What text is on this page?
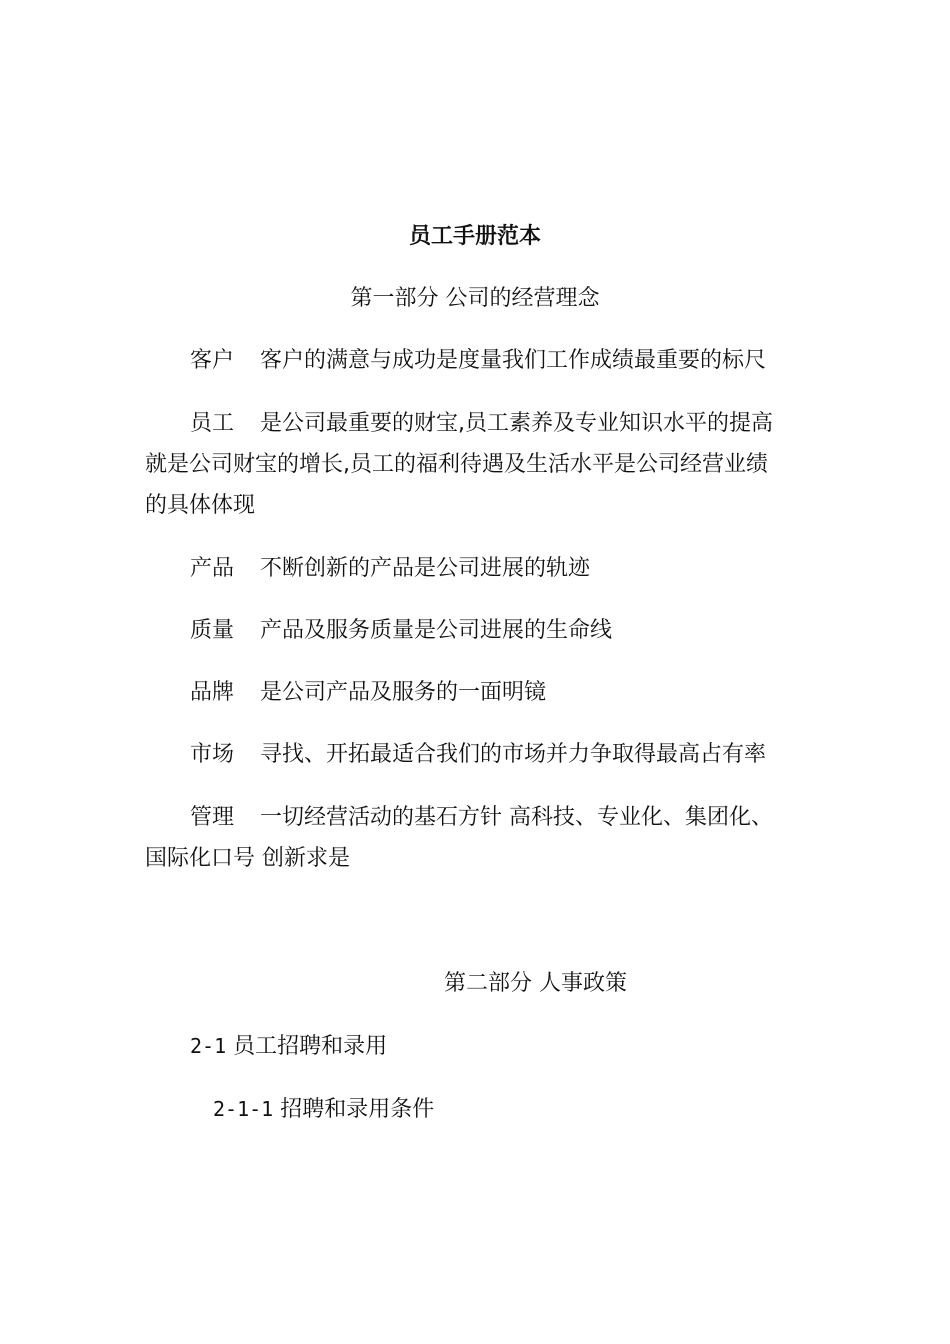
员工手册范本
第一部分 公司的经营理念
客户 客户的满意与成功是度量我们工作成绩最重要的标尺
员工 是公司最重要的财宝,员工素养及专业知识水平的提高
就是公司财宝的增长,员工的福利待遇及生活水平是公司经营业绩
的具体体现
产品 不断创新的产品是公司进展的轨迹
质量 产品及服务质量是公司进展的生命线
品牌 是公司产品及服务的一面明镜
市场 寻找、开拓最适合我们的市场并力争取得最高占有率
管理 一切经营活动的基石方针 高科技、专业化、集团化、
国际化口号 创新求是
第二部分 人事政策
2-1 员工招聘和录用
2-1-1 招聘和录用条件
